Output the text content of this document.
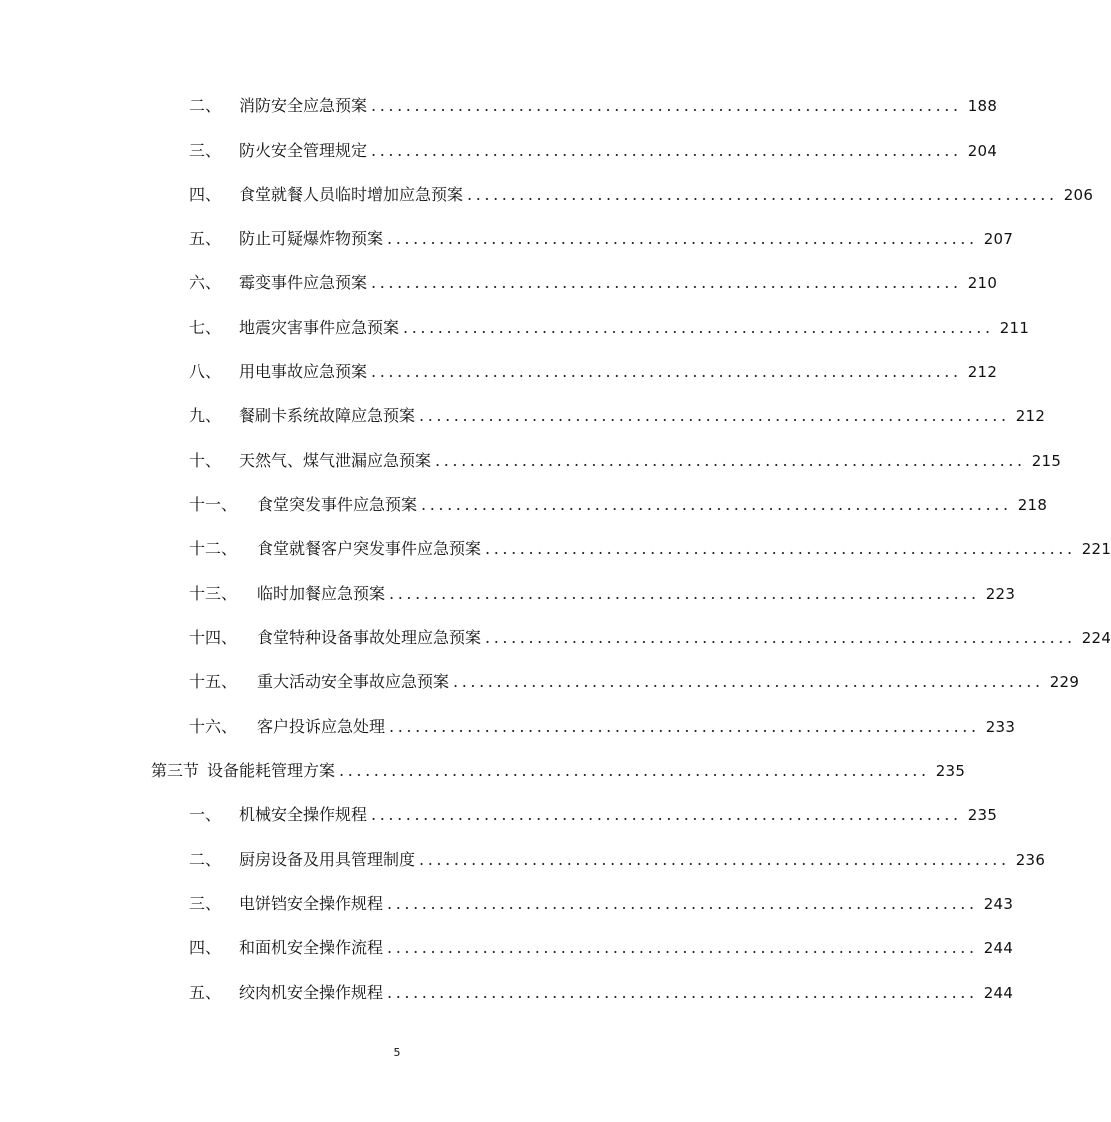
二、 消防安全应急预案 .................................................................... 188
三、 防火安全管理规定 .................................................................... 204
四、 食堂就餐人员临时增加应急预案 .................................................................... 206
五、 防止可疑爆炸物预案 .................................................................... 207
六、 霉变事件应急预案 .................................................................... 210
七、 地震灾害事件应急预案 .................................................................... 211
八、 用电事故应急预案 .................................................................... 212
九、 餐刷卡系统故障应急预案 .................................................................... 212
十、 天然气、煤气泄漏应急预案 .................................................................... 215
十一、 食堂突发事件应急预案 .................................................................... 218
十二、 食堂就餐客户突发事件应急预案 .................................................................... 221
十三、 临时加餐应急预案 .................................................................... 223
十四、 食堂特种设备事故处理应急预案 .................................................................... 224
十五、 重大活动安全事故应急预案 .................................................................... 229
十六、 客户投诉应急处理 .................................................................... 233
第三节 设备能耗管理方案 .................................................................... 235
一、 机械安全操作规程 .................................................................... 235
二、 厨房设备及用具管理制度 .................................................................... 236
三、 电饼铛安全操作规程 .................................................................... 243
四、 和面机安全操作流程 .................................................................... 244
五、 绞肉机安全操作规程 .................................................................... 244
5
